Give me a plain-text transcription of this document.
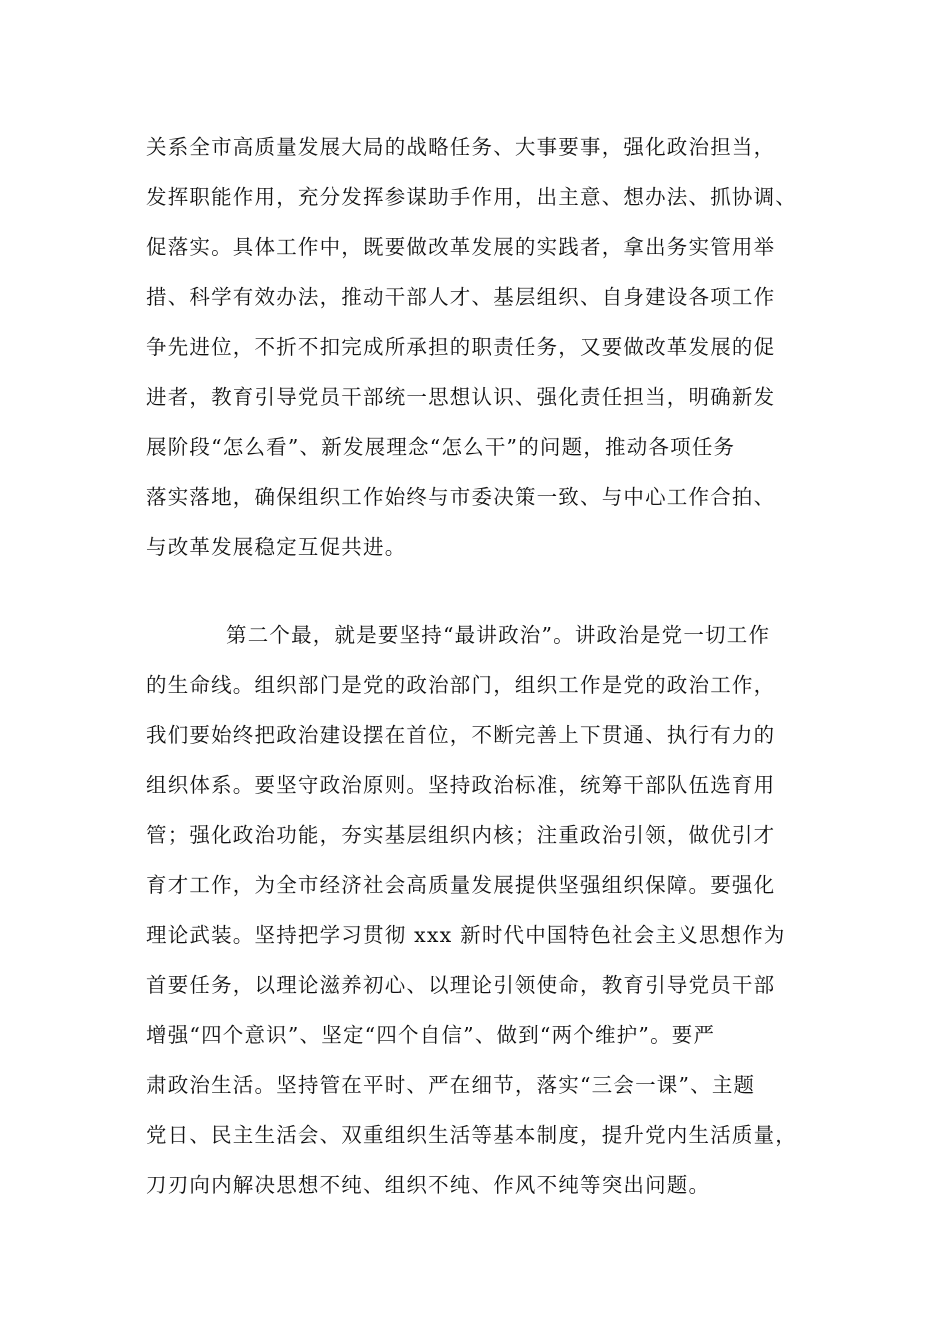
关系全市高质量发展大局的战略任务、大事要事，强化政治担当，
发挥职能作用，充分发挥参谋助手作用，出主意、想办法、抓协调、
促落实。具体工作中，既要做改革发展的实践者，拿出务实管用举
措、科学有效办法，推动干部人才、基层组织、自身建设各项工作
争先进位，不折不扣完成所承担的职责任务，又要做改革发展的促
进者，教育引导党员干部统一思想认识、强化责任担当，明确新发
展阶段“怎么看”、新发展理念“怎么干”的问题，推动各项任务
落实落地，确保组织工作始终与市委决策一致、与中心工作合拍、
与改革发展稳定互促共进。
第二个最，就是要坚持“最讲政治”。讲政治是党一切工作
的生命线。组织部门是党的政治部门，组织工作是党的政治工作，
我们要始终把政治建设摆在首位，不断完善上下贯通、执行有力的
组织体系。要坚守政治原则。坚持政治标准，统筹干部队伍选育用
管；强化政治功能，夯实基层组织内核；注重政治引领，做优引才
育才工作，为全市经济社会高质量发展提供坚强组织保障。要强化
理论武装。坚持把学习贯彻 xxx 新时代中国特色社会主义思想作为
首要任务，以理论滋养初心、以理论引领使命，教育引导党员干部
增强“四个意识”、坚定“四个自信”、做到“两个维护”。要严
肃政治生活。坚持管在平时、严在细节，落实“三会一课”、主题
党日、民主生活会、双重组织生活等基本制度，提升党内生活质量，
刀刃向内解决思想不纯、组织不纯、作风不纯等突出问题。
